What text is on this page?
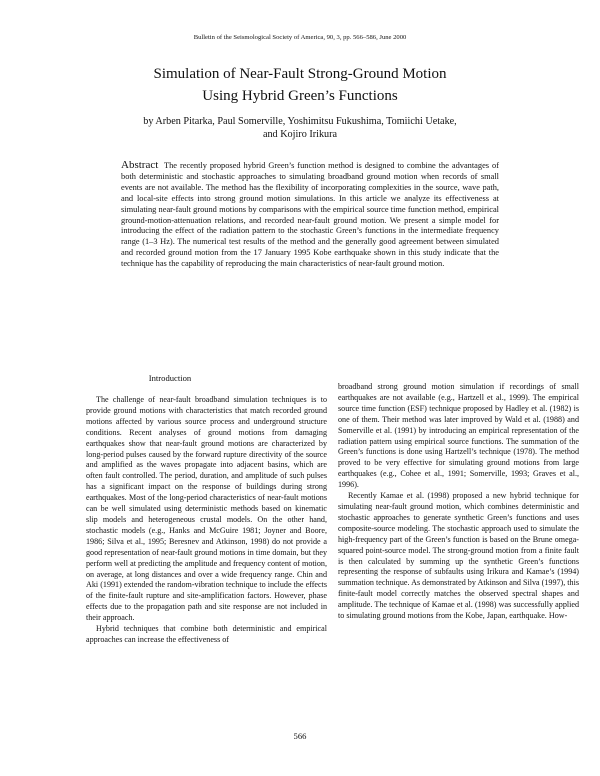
Bulletin of the Seismological Society of America, 90, 3, pp. 566–586, June 2000
Simulation of Near-Fault Strong-Ground Motion
Using Hybrid Green’s Functions
by Arben Pitarka, Paul Somerville, Yoshimitsu Fukushima, Tomiichi Uetake,
and Kojiro Irikura
Abstract The recently proposed hybrid Green’s function method is designed to combine the advantages of both deterministic and stochastic approaches to simulating broadband ground motion when records of small events are not available. The method has the flexibility of incorporating complexities in the source, wave path, and local-site effects into strong ground motion simulations. In this article we analyze its effectiveness at simulating near-fault ground motions by comparisons with the empirical source time function method, empirical ground-motion-attenuation relations, and recorded near-fault ground motion. We present a simple model for introducing the effect of the radiation pattern to the stochastic Green’s functions in the intermediate frequency range (1–3 Hz). The numerical test results of the method and the generally good agreement between simulated and recorded ground motion from the 17 January 1995 Kobe earthquake shown in this study indicate that the technique has the capability of reproducing the main characteristics of near-fault ground motion.
Introduction

The challenge of near-fault broadband simulation techniques is to provide ground motions with characteristics that match recorded ground motions affected by various source process and underground structure conditions. Recent analyses of ground motions from damaging earthquakes show that near-fault ground motions are characterized by long-period pulses caused by the forward rupture directivity of the source and amplified as the waves propagate into adjacent basins, which are often fault controlled. The period, duration, and amplitude of such pulses has a significant impact on the response of buildings during strong earthquakes. Most of the long-period characteristics of near-fault motions can be well simulated using deterministic methods based on kinematic slip models and heterogeneous crustal models. On the other hand, stochastic models (e.g., Hanks and McGuire 1981; Joyner and Boore, 1986; Silva et al., 1995; Beresnev and Atkinson, 1998) do not provide a good representation of near-fault ground motions in time domain, but they perform well at predicting the amplitude and frequency content of motion, on average, at long distances and over a wide frequency range. Chin and Aki (1991) extended the random-vibration technique to include the effects of the finite-fault rupture and site-amplification factors. However, phase effects due to the propagation path and site response are not included in their approach.

Hybrid techniques that combine both deterministic and empirical approaches can increase the effectiveness of

broadband strong ground motion simulation if recordings of small earthquakes are not available (e.g., Hartzell et al., 1999). The empirical source time function (ESF) technique proposed by Hadley et al. (1982) is one of them. Their method was later improved by Wald et al. (1988) and Somerville et al. (1991) by introducing an empirical representation of the radiation pattern using empirical source functions. The summation of the Green’s functions is done using Hartzell’s technique (1978). The method proved to be very effective for simulating ground motions from large earthquakes (e.g., Cohee et al., 1991; Somerville, 1993; Graves et al., 1996).

Recently Kamae et al. (1998) proposed a new hybrid technique for simulating near-fault ground motion, which combines deterministic and stochastic approaches to generate synthetic Green’s functions and uses composite-source modeling. The stochastic approach used to simulate the high-frequency part of the Green’s function is based on the Brune omega-squared point-source model. The strong-ground motion from a finite fault is then calculated by summing up the synthetic Green’s functions representing the response of subfaults using Irikura and Kamae’s (1994) summation technique. As demonstrated by Atkinson and Silva (1997), this finite-fault model correctly matches the observed spectral shapes and amplitude. The technique of Kamae et al. (1998) was successfully applied to simulating ground motions from the Kobe, Japan, earthquake. How-

566
